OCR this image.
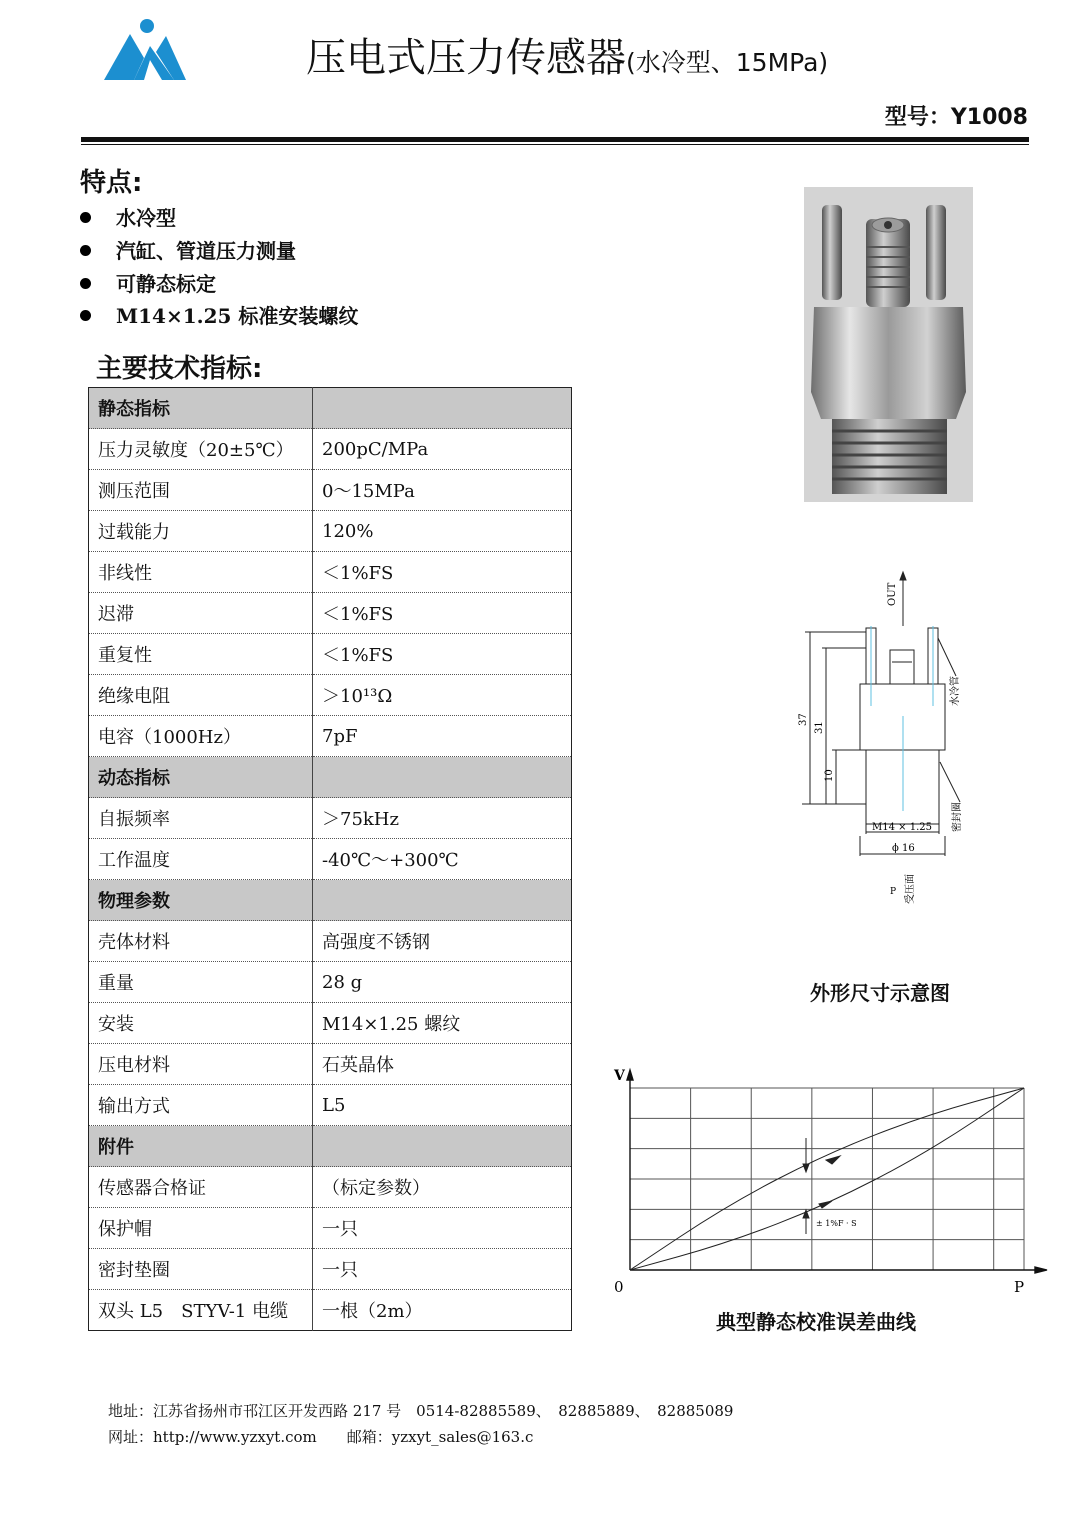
压电式压力传感器(水冷型、15MPa)
型号：Y1008
特点:
水冷型
汽缸、管道压力测量
可静态标定
M14×1.25 标准安装螺纹
主要技术指标:
静态指标	
压力灵敏度（20±5℃）	200pC/MPa
测压范围	0～15MPa
过载能力	120%
非线性	＜1%FS
迟滞	＜1%FS
重复性	＜1%FS
绝缘电阻	＞10¹³Ω
电容（1000Hz）	7pF
动态指标	
自振频率	＞75kHz
工作温度	-40℃～+300℃
物理参数	
壳体材料	高强度不锈钢
重量	28 g
安装	M14×1.25 螺纹
压电材料	石英晶体
输出方式	L5
附件	
传感器合格证	（标定参数）
保护帽	一只
密封垫圈	一只
双头 L5　STYV-1 电缆	一根（2m）
OUT
37
31
10
水冷管
密封圈
M14 × 1.25
ϕ 16
P 受压面
外形尺寸示意图
V
0	P
± 1%F · S
典型静态校准误差曲线
地址：江苏省扬州市邗江区开发西路 217 号　0514-82885589、　82885889、　82885089
网址：http://www.yzxyt.com　　邮箱：yzxyt_sales@163.c
